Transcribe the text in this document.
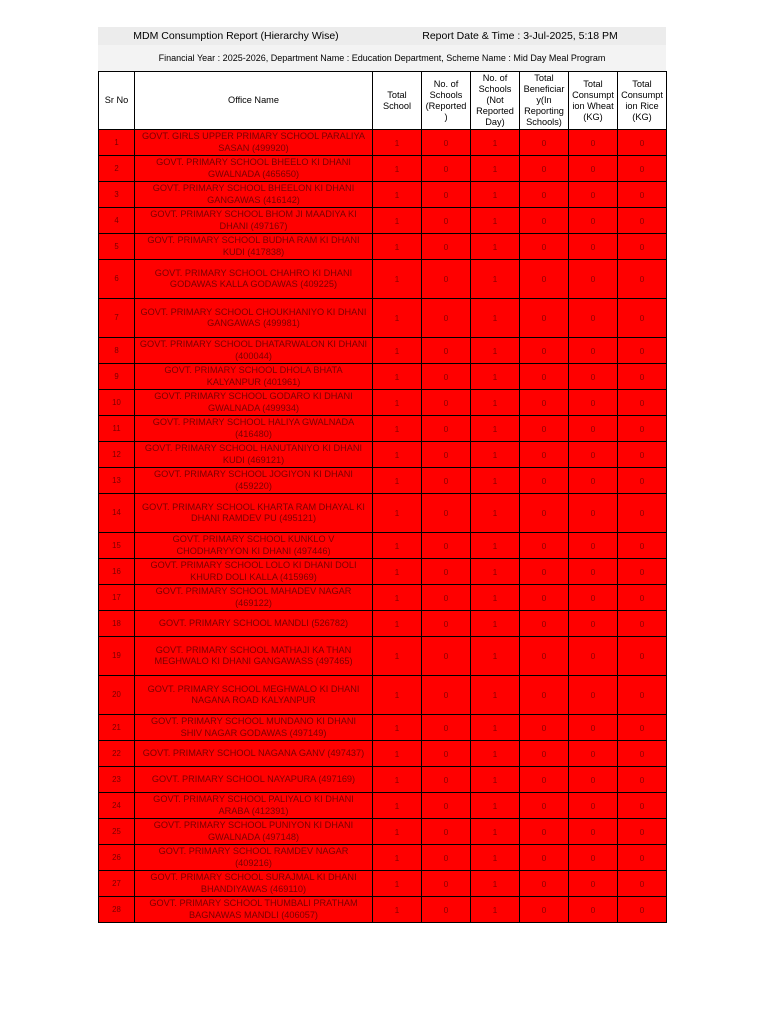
MDM Consumption Report (Hierarchy Wise)	Report Date & Time : 3-Jul-2025, 5:18 PM
Financial Year : 2025-2026, Department Name : Education Department, Scheme Name : Mid Day Meal Program
Sr No	Office Name	Total School	No. of Schools (Reported )	No. of Schools (Not Reported Day)	Total Beneficiar y(In Reporting Schools)	Total Consumpt ion Wheat (KG)	Total Consumpt ion Rice (KG)
1	GOVT. GIRLS UPPER PRIMARY SCHOOL PARALIYA SASAN (499920)	1	0	1	0	0	0
2	GOVT. PRIMARY SCHOOL BHEELO KI DHANI GWALNADA (465650)	1	0	1	0	0	0
3	GOVT. PRIMARY SCHOOL BHEELON KI DHANI GANGAWAS (416142)	1	0	1	0	0	0
4	GOVT. PRIMARY SCHOOL BHOM JI MAADIYA KI DHANI (497167)	1	0	1	0	0	0
5	GOVT. PRIMARY SCHOOL BUDHA RAM KI DHANI KUDI (417838)	1	0	1	0	0	0
6	GOVT. PRIMARY SCHOOL CHAHRO KI DHANI GODAWAS KALLA GODAWAS (409225)	1	0	1	0	0	0
7	GOVT. PRIMARY SCHOOL CHOUKHANIYO KI DHANI GANGAWAS (499981)	1	0	1	0	0	0
8	GOVT. PRIMARY SCHOOL DHATARWALON KI DHANI (400044)	1	0	1	0	0	0
9	GOVT. PRIMARY SCHOOL DHOLA BHATA KALYANPUR (401961)	1	0	1	0	0	0
10	GOVT. PRIMARY SCHOOL GODARO KI DHANI GWALNADA (499934)	1	0	1	0	0	0
11	GOVT. PRIMARY SCHOOL HALIYA GWALNADA (416480)	1	0	1	0	0	0
12	GOVT. PRIMARY SCHOOL HANUTANIYO KI DHANI KUDI (469121)	1	0	1	0	0	0
13	GOVT. PRIMARY SCHOOL JOGIYON KI DHANI (459220)	1	0	1	0	0	0
14	GOVT. PRIMARY SCHOOL KHARTA RAM DHAYAL KI DHANI RAMDEV PU (495121)	1	0	1	0	0	0
15	GOVT. PRIMARY SCHOOL KUNKLO V CHODHARYYON KI DHANI (497446)	1	0	1	0	0	0
16	GOVT. PRIMARY SCHOOL LOLO KI DHANI DOLI KHURD DOLI KALLA (415969)	1	0	1	0	0	0
17	GOVT. PRIMARY SCHOOL MAHADEV NAGAR (469122)	1	0	1	0	0	0
18	GOVT. PRIMARY SCHOOL MANDLI (526782)	1	0	1	0	0	0
19	GOVT. PRIMARY SCHOOL MATHAJI KA THAN MEGHWALO KI DHANI GANGAWASS (497465)	1	0	1	0	0	0
20	GOVT. PRIMARY SCHOOL MEGHWALO KI DHANI NAGANA ROAD KALYANPUR	1	0	1	0	0	0
21	GOVT. PRIMARY SCHOOL MUNDANO KI DHANI SHIV NAGAR GODAWAS (497149)	1	0	1	0	0	0
22	GOVT. PRIMARY SCHOOL NAGANA GANV (497437)	1	0	1	0	0	0
23	GOVT. PRIMARY SCHOOL NAYAPURA (497169)	1	0	1	0	0	0
24	GOVT. PRIMARY SCHOOL PALIYALO KI DHANI ARABA (412391)	1	0	1	0	0	0
25	GOVT. PRIMARY SCHOOL PUNIYON KI DHANI GWALNADA (497148)	1	0	1	0	0	0
26	GOVT. PRIMARY SCHOOL RAMDEV NAGAR (409216)	1	0	1	0	0	0
27	GOVT. PRIMARY SCHOOL SURAJMAL KI DHANI BHANDIYAWAS (469110)	1	0	1	0	0	0
28	GOVT. PRIMARY SCHOOL THUMBALI PRATHAM BAGNAWAS MANDLI (406057)	1	0	1	0	0	0
